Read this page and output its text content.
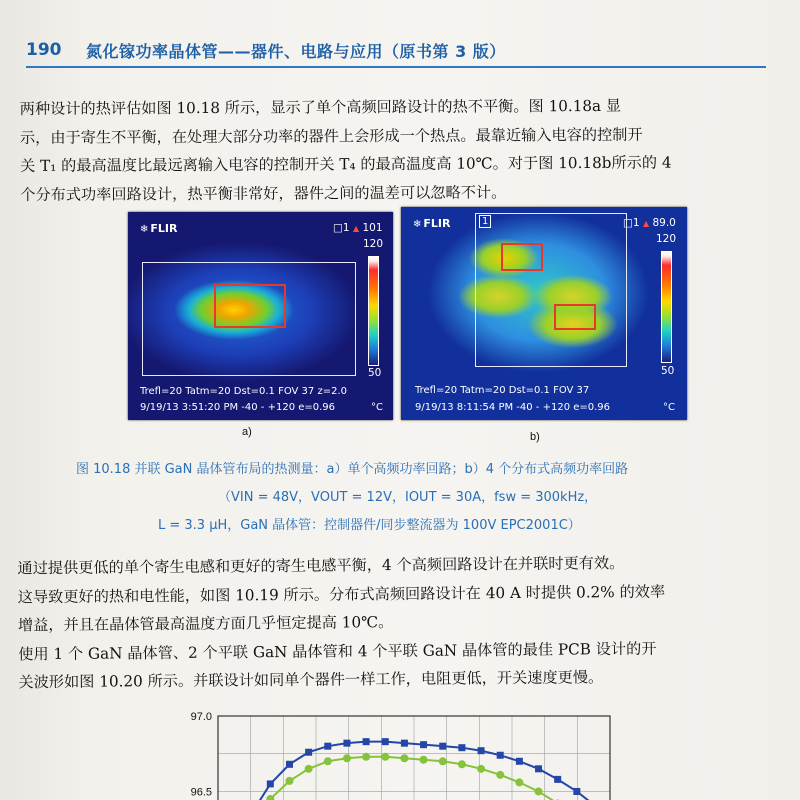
190 氮化镓功率晶体管——器件、电路与应用（原书第 3 版）

两种设计的热评估如图 10.18 所示，显示了单个高频回路设计的热不平衡。图 10.18a 显

示，由于寄生不平衡，在处理大部分功率的器件上会形成一个热点。最靠近输入电容的控制开

关 T₁ 的最高温度比最远离输入电容的控制开关 T₄ 的最高温度高 10℃。对于图 10.18b所示的 4

个分布式功率回路设计，热平衡非常好，器件之间的温差可以忽略不计。

❄ FLIR	□1 ▲ 101
120
50
Trefl=20 Tatm=20 Dst=0.1 FOV 37 z=2.0
9/19/13 3:51:20 PM -40 - +120 e=0.96	°C
a)
❄ FLIR	1	□1 ▲ 89.0
120
50
Trefl=20 Tatm=20 Dst=0.1 FOV 37
9/19/13 8:11:54 PM -40 - +120 e=0.96	°C
b)
图 10.18 并联 GaN 晶体管布局的热测量：a）单个高频功率回路；b）4 个分布式高频功率回路
（VIN = 48V，VOUT = 12V，IOUT = 30A，fsw = 300kHz，
L = 3.3 μH，GaN 晶体管：控制器件/同步整流器为 100V EPC2001C）

通过提供更低的单个寄生电感和更好的寄生电感平衡，4 个高频回路设计在并联时更有效。

这导致更好的热和电性能，如图 10.19 所示。分布式高频回路设计在 40 A 时提供 0.2% 的效率

增益，并且在晶体管最高温度方面几乎恒定提高 10℃。

使用 1 个 GaN 晶体管、2 个平联 GaN 晶体管和 4 个平联 GaN 晶体管的最佳 PCB 设计的开

关波形如图 10.20 所示。并联设计如同单个器件一样工作，电阻更低，开关速度更慢。

97.0
96.5
